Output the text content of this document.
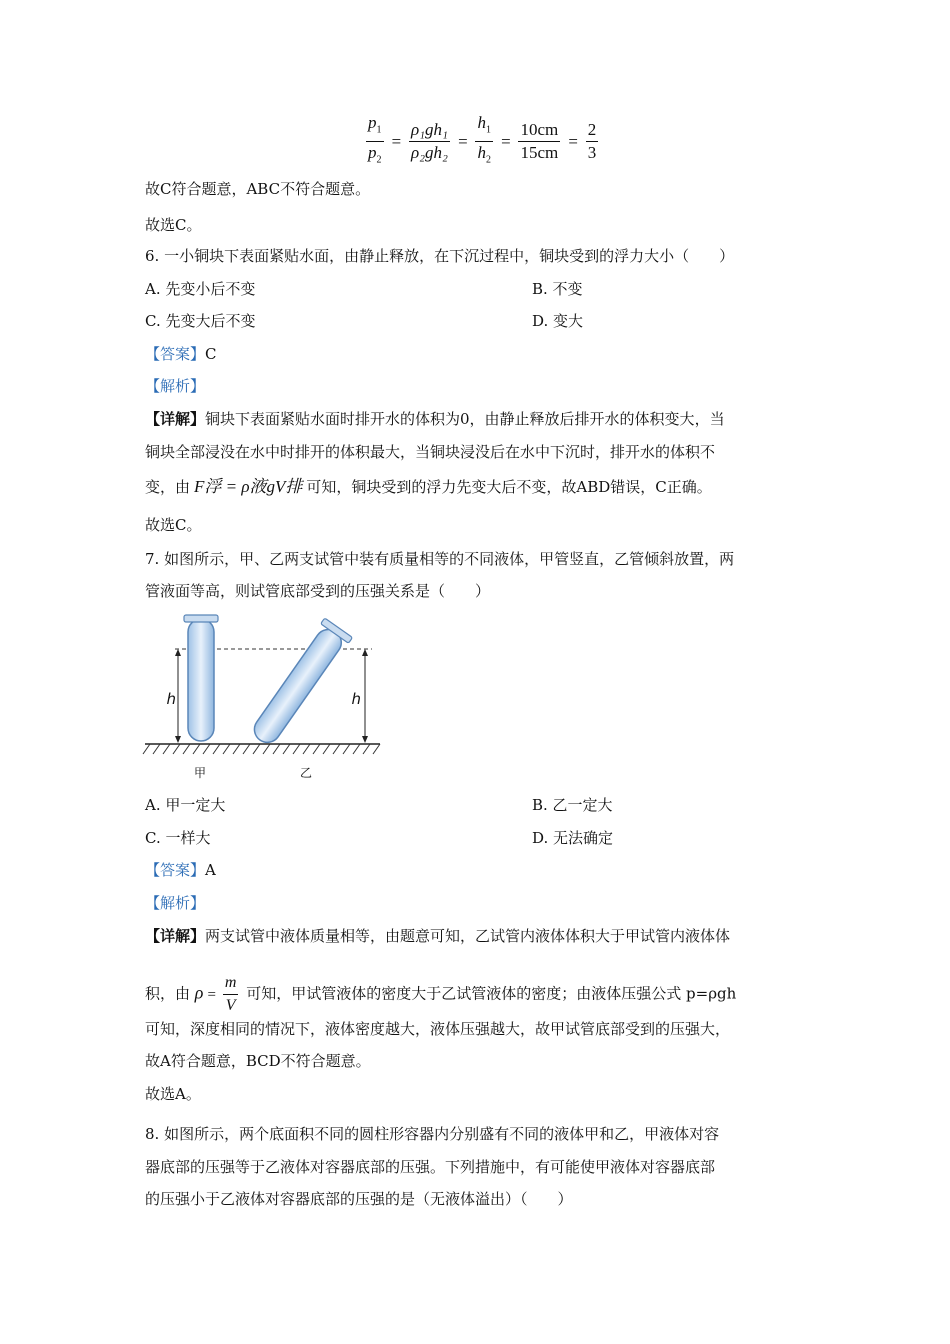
$\frac{p_1}{p_2} = \frac{\text{ρ₁gh₁}}{\text{ρ₂gh₂}} = \frac{h_1}{h_2} = \frac{10cm}{15cm} = \frac{2}{3}$
故C符合题意，ABC不符合题意。
故选C。
6. 一小铜块下表面紧贴水面，由静止释放，在下沉过程中，铜块受到的浮力大小（　　）
A. 先变小后不变	B. 不变
C. 先变大后不变	D. 变大
【答案】C
【解析】
【详解】铜块下表面紧贴水面时排开水的体积为0，由静止释放后排开水的体积变大，当
铜块全部浸没在水中时排开的体积最大，当铜块浸没后在水中下沉时，排开水的体积不
变，由 F浮 = ρ液gV排 可知，铜块受到的浮力先变大后不变，故ABD错误，C正确。
故选C。
7. 如图所示，甲、乙两支试管中装有质量相等的不同液体，甲管竖直，乙管倾斜放置，两
管液面等高，则试管底部受到的压强关系是（　　）
h	h
甲	乙
A. 甲一定大	B. 乙一定大
C. 一样大	D. 无法确定
【答案】A
【解析】
【详解】两支试管中液体质量相等，由题意可知，乙试管内液体体积大于甲试管内液体体
积，由 $\rho = \frac{m}{V}$ 可知，甲试管液体的密度大于乙试管液体的密度；由液体压强公式 p=ρgh
可知，深度相同的情况下，液体密度越大，液体压强越大，故甲试管底部受到的压强大，
故A符合题意，BCD不符合题意。
故选A。
8. 如图所示，两个底面积不同的圆柱形容器内分别盛有不同的液体甲和乙，甲液体对容
器底部的压强等于乙液体对容器底部的压强。下列措施中，有可能使甲液体对容器底部
的压强小于乙液体对容器底部的压强的是（无液体溢出）（　　）
